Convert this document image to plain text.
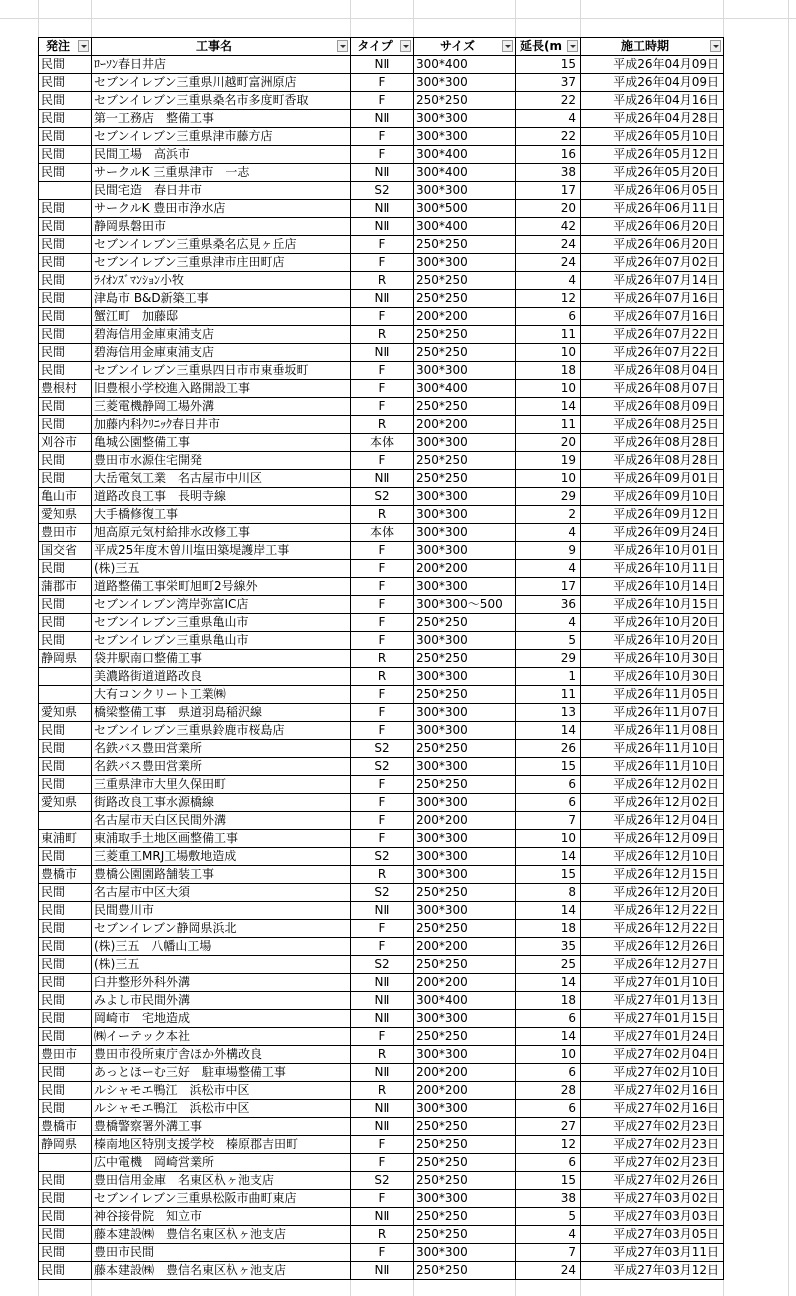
発注	工事名	タイプ	サイズ	延長(m	施工時期

民間	ﾛｰｿﾝ春日井店	NⅡ	300*400	15	平成26年04月09日
民間	セブンイレブン三重県川越町富洲原店	F	300*300	37	平成26年04月09日
民間	セブンイレブン三重県桑名市多度町香取	F	250*250	22	平成26年04月16日
民間	第一工務店　整備工事	NⅡ	300*300	4	平成26年04月28日
民間	セブンイレブン三重県津市藤方店	F	300*300	22	平成26年05月10日
民間	民間工場　高浜市	F	300*400	16	平成26年05月12日
民間	サークルK 三重県津市　一志	NⅡ	300*400	38	平成26年05月20日
	民間宅造　春日井市	S2	300*300	17	平成26年06月05日
民間	サークルK 豊田市浄水店	NⅡ	300*500	20	平成26年06月11日
民間	静岡県磐田市	NⅡ	300*400	42	平成26年06月20日
民間	セブンイレブン三重県桑名広見ヶ丘店	F	250*250	24	平成26年06月20日
民間	セブンイレブン三重県津市庄田町店	F	300*300	24	平成26年07月02日
民間	ﾗｲｵﾝｽﾞﾏﾝｼｮﾝ小牧	R	250*250	4	平成26年07月14日
民間	津島市 B&D新築工事	NⅡ	250*250	12	平成26年07月16日
民間	蟹江町　加藤邸	F	200*200	6	平成26年07月16日
民間	碧海信用金庫東浦支店	R	250*250	11	平成26年07月22日
民間	碧海信用金庫東浦支店	NⅡ	250*250	10	平成26年07月22日
民間	セブンイレブン三重県四日市市東垂坂町	F	300*300	18	平成26年08月04日
豊根村	旧豊根小学校進入路開設工事	F	300*400	10	平成26年08月07日
民間	三菱電機静岡工場外溝	F	250*250	14	平成26年08月09日
民間	加藤内科ｸﾘﾆｯｸ春日井市	R	200*200	11	平成26年08月25日
刈谷市	亀城公園整備工事	本体	300*300	20	平成26年08月28日
民間	豊田市水源住宅開発	F	250*250	19	平成26年08月28日
民間	大岳電気工業　名古屋市中川区	NⅡ	250*250	10	平成26年09月01日
亀山市	道路改良工事　長明寺線	S2	300*300	29	平成26年09月10日
愛知県	大手橋修復工事	R	300*300	2	平成26年09月12日
豊田市	旭高原元気村給排水改修工事	本体	300*300	4	平成26年09月24日
国交省	平成25年度木曽川塩田築堤護岸工事	F	300*300	9	平成26年10月01日
民間	(株)三五	F	200*200	4	平成26年10月11日
蒲郡市	道路整備工事栄町旭町2号線外	F	300*300	17	平成26年10月14日
民間	セブンイレブン湾岸弥富IC店	F	300*300～500	36	平成26年10月15日
民間	セブンイレブン三重県亀山市	F	250*250	4	平成26年10月20日
民間	セブンイレブン三重県亀山市	F	300*300	5	平成26年10月20日
静岡県	袋井駅南口整備工事	R	250*250	29	平成26年10月30日
	美濃路街道道路改良	R	300*300	1	平成26年10月30日
	大有コンクリート工業㈱	F	250*250	11	平成26年11月05日
愛知県	橋梁整備工事　県道羽島稲沢線	F	300*300	13	平成26年11月07日
民間	セブンイレブン三重県鈴鹿市桜島店	F	300*300	14	平成26年11月08日
民間	名鉄バス豊田営業所	S2	250*250	26	平成26年11月10日
民間	名鉄バス豊田営業所	S2	300*300	15	平成26年11月10日
民間	三重県津市大里久保田町	F	250*250	6	平成26年12月02日
愛知県	街路改良工事水源橋線	F	300*300	6	平成26年12月02日
	名古屋市天白区民間外溝	F	200*200	7	平成26年12月04日
東浦町	東浦取手土地区画整備工事	F	300*300	10	平成26年12月09日
民間	三菱重工MRJ工場敷地造成	S2	300*300	14	平成26年12月10日
豊橋市	豊橋公園園路舗装工事	R	300*300	15	平成26年12月15日
民間	名古屋市中区大須	S2	250*250	8	平成26年12月20日
民間	民間豊川市	NⅡ	300*300	14	平成26年12月22日
民間	セブンイレブン静岡県浜北	F	250*250	18	平成26年12月22日
民間	(株)三五　八幡山工場	F	200*200	35	平成26年12月26日
民間	(株)三五	S2	250*250	25	平成26年12月27日
民間	臼井整形外科外溝	NⅡ	200*200	14	平成27年01月10日
民間	みよし市民間外溝	NⅡ	300*400	18	平成27年01月13日
民間	岡崎市　宅地造成	NⅡ	300*300	6	平成27年01月15日
民間	㈱イーテック本社	F	250*250	14	平成27年01月24日
豊田市	豊田市役所東庁舎ほか外構改良	R	300*300	10	平成27年02月04日
民間	あっとほーむ三好　駐車場整備工事	NⅡ	200*200	6	平成27年02月10日
民間	ルシャモエ鴨江　浜松市中区	R	200*200	28	平成27年02月16日
民間	ルシャモエ鴨江　浜松市中区	NⅡ	300*300	6	平成27年02月16日
豊橋市	豊橋警察署外溝工事	NⅡ	250*250	27	平成27年02月23日
静岡県	榛南地区特別支援学校　榛原郡吉田町	F	250*250	12	平成27年02月23日
	広中電機　岡崎営業所	F	250*250	6	平成27年02月23日
民間	豊田信用金庫　名東区杁ヶ池支店	S2	250*250	15	平成27年02月26日
民間	セブンイレブン三重県松阪市曲町東店	F	300*300	38	平成27年03月02日
民間	神谷接骨院　知立市	NⅡ	250*250	5	平成27年03月03日
民間	藤本建設㈱　豊信名東区杁ヶ池支店	R	250*250	4	平成27年03月05日
民間	豊田市民間	F	300*300	7	平成27年03月11日
民間	藤本建設㈱　豊信名東区杁ヶ池支店	NⅡ	250*250	24	平成27年03月12日
